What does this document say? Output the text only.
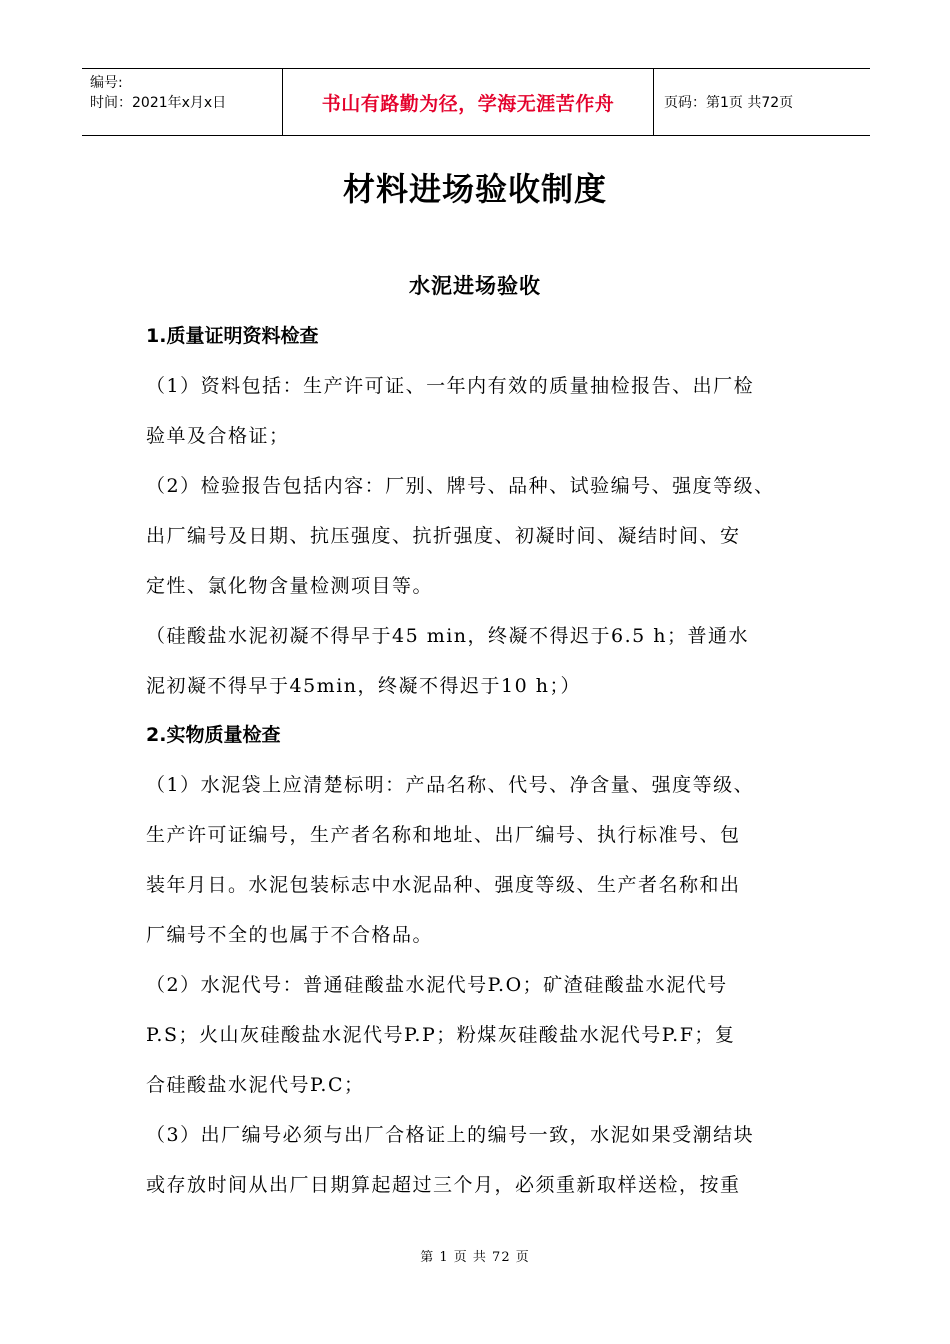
编号:
时间：2021年x月x日	书山有路勤为径，学海无涯苦作舟	页码：第1页 共72页
材料进场验收制度
水泥进场验收
1.质量证明资料检查
（1）资料包括：生产许可证、一年内有效的质量抽检报告、出厂检
验单及合格证；
（2）检验报告包括内容：厂别、牌号、品种、试验编号、强度等级、
出厂编号及日期、抗压强度、抗折强度、初凝时间、凝结时间、安
定性、氯化物含量检测项目等。
（硅酸盐水泥初凝不得早于45 min，终凝不得迟于6.5 h；普通水
泥初凝不得早于45min，终凝不得迟于10 h；）
2.实物质量检查
（1）水泥袋上应清楚标明：产品名称、代号、净含量、强度等级、
生产许可证编号，生产者名称和地址、出厂编号、执行标准号、包
装年月日。水泥包装标志中水泥品种、强度等级、生产者名称和出
厂编号不全的也属于不合格品。
（2）水泥代号：普通硅酸盐水泥代号P.O；矿渣硅酸盐水泥代号
P.S；火山灰硅酸盐水泥代号P.P；粉煤灰硅酸盐水泥代号P.F；复
合硅酸盐水泥代号P.C；
（3）出厂编号必须与出厂合格证上的编号一致，水泥如果受潮结块
或存放时间从出厂日期算起超过三个月，必须重新取样送检，按重
第 1 页 共 72 页
